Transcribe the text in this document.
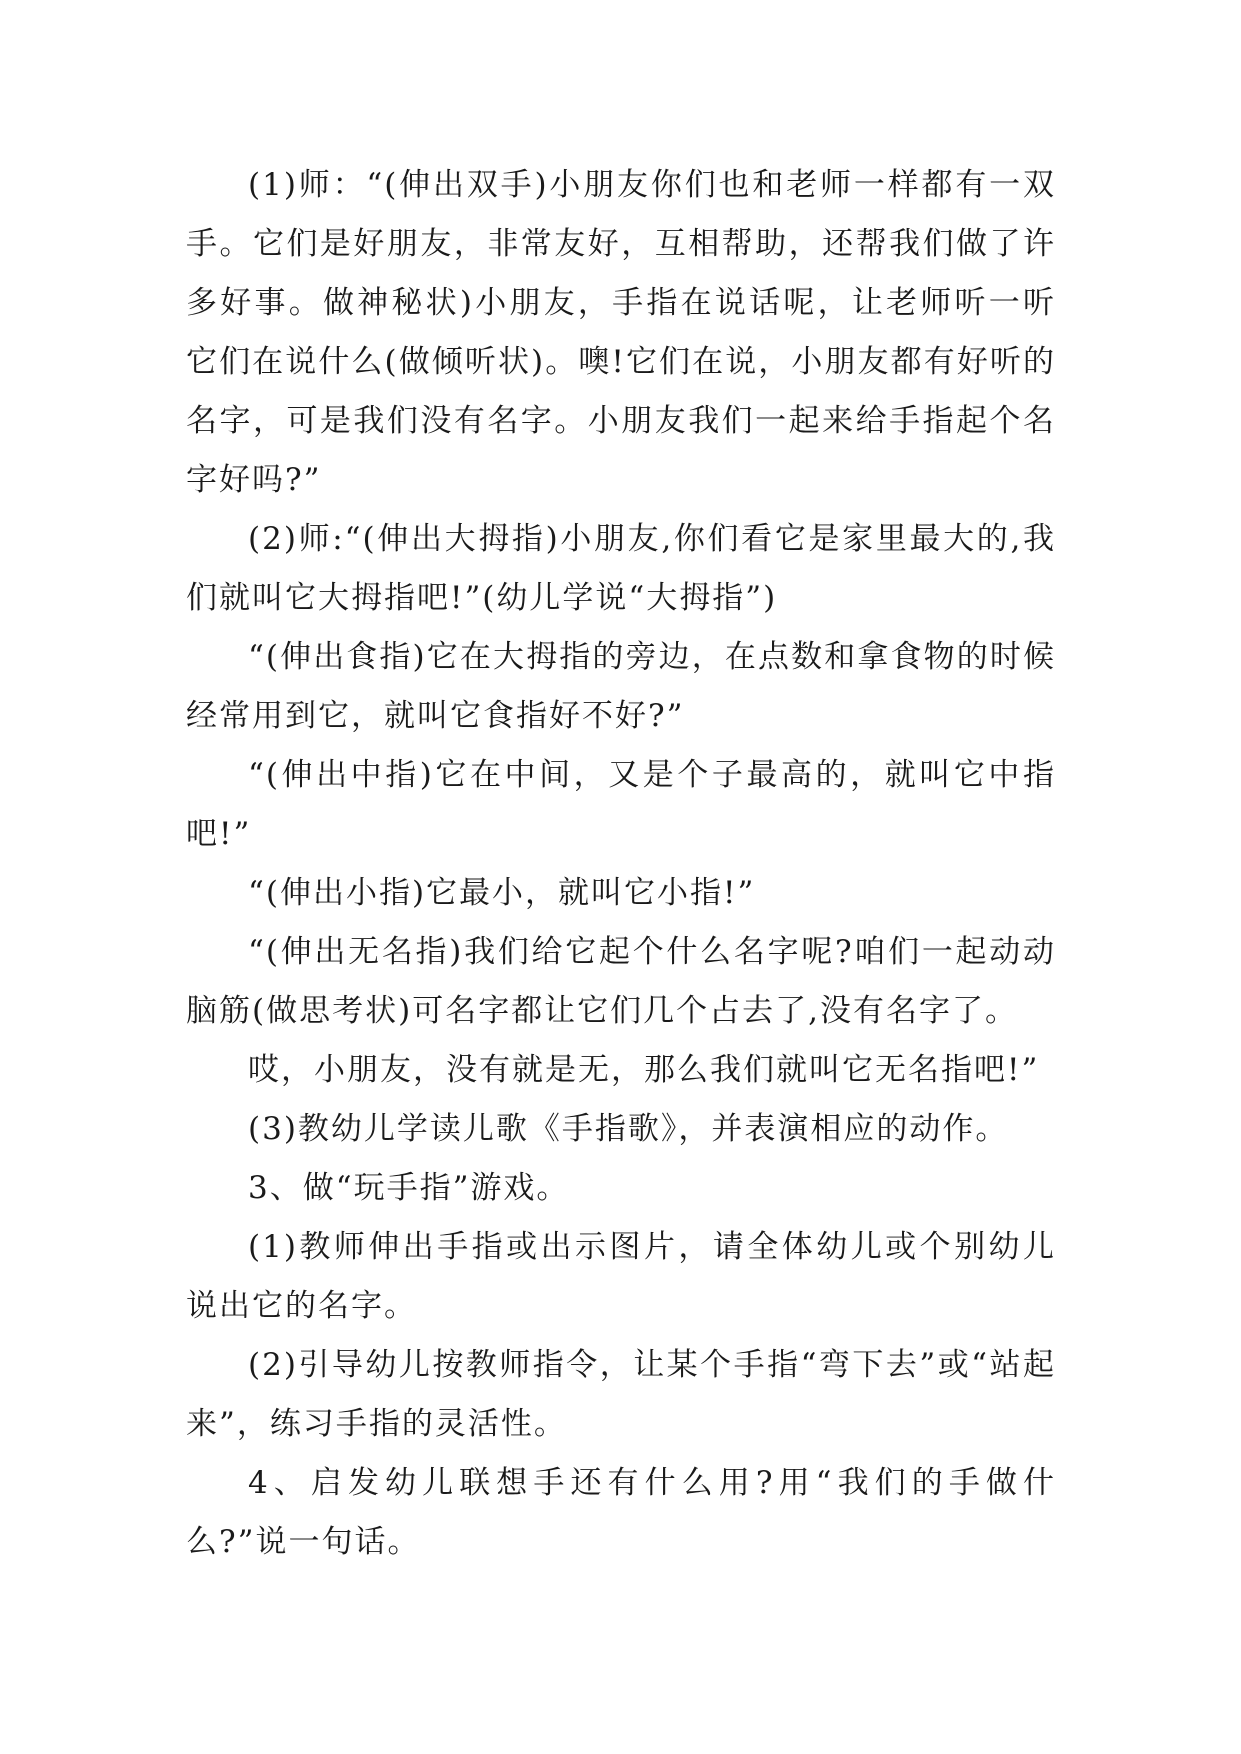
(1)师：“(伸出双手)小朋友你们也和老师一样都有一双手。它们是好朋友，非常友好，互相帮助，还帮我们做了许多好事。做神秘状)小朋友，手指在说话呢，让老师听一听它们在说什么(做倾听状)。噢!它们在说，小朋友都有好听的名字，可是我们没有名字。小朋友我们一起来给手指起个名字好吗?”

(2)师:“(伸出大拇指)小朋友,你们看它是家里最大的,我们就叫它大拇指吧!”(幼儿学说“大拇指”)

“(伸出食指)它在大拇指的旁边，在点数和拿食物的时候经常用到它，就叫它食指好不好?”

“(伸出中指)它在中间，又是个子最高的，就叫它中指吧!”

“(伸出小指)它最小，就叫它小指!”

“(伸出无名指)我们给它起个什么名字呢?咱们一起动动脑筋(做思考状)可名字都让它们几个占去了,没有名字了。

哎，小朋友，没有就是无，那么我们就叫它无名指吧!”

(3)教幼儿学读儿歌《手指歌》，并表演相应的动作。

3、做“玩手指”游戏。

(1)教师伸出手指或出示图片，请全体幼儿或个别幼儿说出它的名字。

(2)引导幼儿按教师指令，让某个手指“弯下去”或“站起来”，练习手指的灵活性。

4、启发幼儿联想手还有什么用?用“我们的手做什么?”说一句话。
